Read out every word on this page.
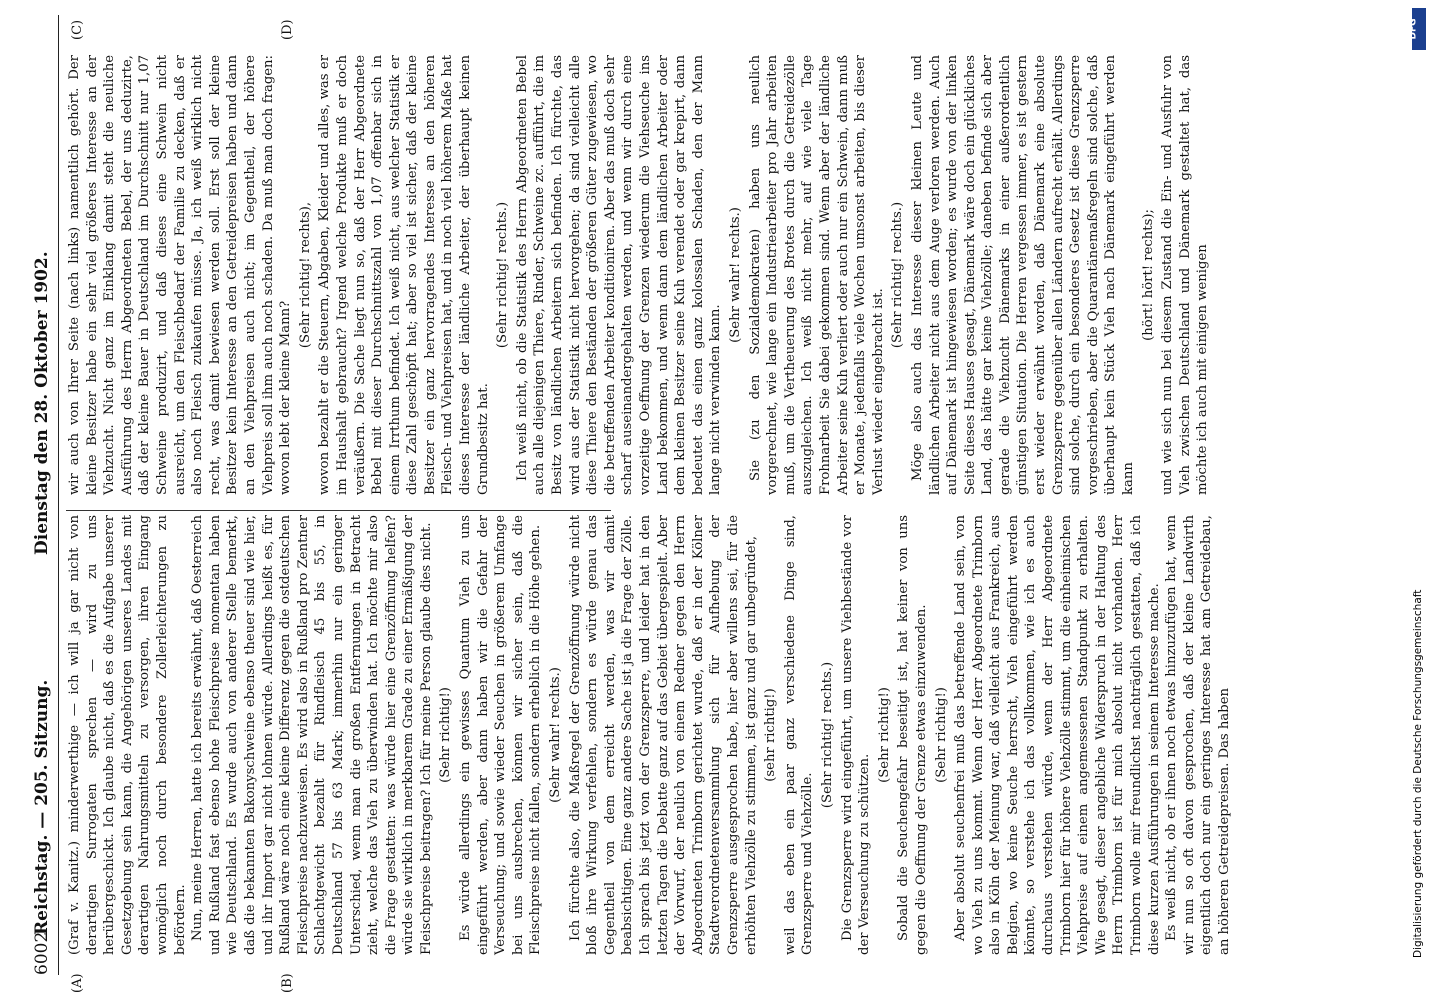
6002
Reichstag. — 205. Sitzung.
Dienstag den 28. Oktober 1902.
(A)	(B)
(C)	(D)

(Graf v. Kanitz.) minderwerthige — ich will ja gar nicht von derartigen Surrogaten sprechen — wird zu uns herübergeschickt. Ich glaube nicht, daß es die Aufgabe unserer Gesetzgebung sein kann, die Angehörigen unseres Landes mit derartigen Nahrungsmitteln zu versorgen, ihren Eingang womöglich noch durch besondere Zollerleichterungen zu befördern. Nun, meine Herren, hatte ich bereits erwähnt, daß Oesterreich und Rußland fast ebenso hohe Fleischpreise momentan haben wie Deutschland. Es wurde auch von anderer Stelle bemerkt, daß die bekannten Bakonyschweine ebenso theuer sind wie hier, und ihr Import gar nicht lohnen würde. Allerdings heißt es, für Rußland wäre noch eine kleine Differenz gegen die ostdeutschen Fleischpreise nachzuweisen. Es wird also in Rußland pro Zentner Schlachtgewicht bezahlt für Rindfleisch 45 bis 55, in Deutschland 57 bis 63 Mark; immerhin nur ein geringer Unterschied, wenn man die großen Entfernungen in Betracht zieht, welche das Vieh zu überwinden hat. Ich möchte mir also die Frage gestatten: was würde hier eine Grenzöffnung helfen? würde sie wirklich in merkbarem Grade zu einer Ermäßigung der Fleischpreise beitragen? Ich für meine Person glaube dies nicht. (Sehr richtig!) Es würde allerdings ein gewisses Quantum Vieh zu uns eingeführt werden, aber dann haben wir die Gefahr der Verseuchung; und sowie wieder Seuchen in größerem Umfange bei uns ausbrechen, können wir sicher sein, daß die Fleischpreise nicht fallen, sondern erheblich in die Höhe gehen. (Sehr wahr! rechts.) Ich fürchte also, die Maßregel der Grenzöffnung würde nicht bloß ihre Wirkung verfehlen, sondern es würde genau das Gegentheil von dem erreicht werden, was wir damit beabsichtigen. Eine ganz andere Sache ist ja die Frage der Zölle. Ich sprach bis jetzt von der Grenzsperre, und leider hat in den letzten Tagen die Debatte ganz auf das Gebiet übergespielt. Aber der Vorwurf, der neulich von einem Redner gegen den Herrn Abgeordneten Trimborn gerichtet wurde, daß er in der Kölner Stadtverordnetenversammlung sich für Aufhebung der Grenzsperre ausgesprochen habe, hier aber willens sei, für die erhöhten Viehzölle zu stimmen, ist ganz und gar unbegründet, (sehr richtig!) weil das eben ein paar ganz verschiedene Dinge sind, Grenzsperre und Viehzölle.

(Sehr richtig! rechts.) Die Grenzsperre wird eingeführt, um unsere Viehbestände vor der Verseuchung zu schützen.

(Sehr richtig!) Sobald die Seuchengefahr beseitigt ist, hat keiner von uns gegen die Oeffnung der Grenze etwas einzuwenden. (Sehr richtig!) Aber absolut seuchenfrei muß das betreffende Land sein, von wo Vieh zu uns kommt. Wenn der Herr Abgeordnete Trimborn also in Köln der Meinung war, daß vielleicht aus Frankreich, aus Belgien, wo keine Seuche herrscht, Vieh eingeführt werden könnte, so verstehe ich das vollkommen, wie ich es auch durchaus verstehen würde, wenn der Herr Abgeordnete Trimborn hier für höhere Viehzölle stimmt, um die einheimischen Viehpreise auf einem angemessenen Standpunkt zu erhalten. Wie gesagt, dieser angebliche Widerspruch in der Haltung des Herrn Trimborn ist für mich absolut nicht vorhanden. Herr Trimborn wolle mir freundlichst nachträglich gestatten, daß ich diese kurzen Ausführungen in seinem Interesse mache. Es weiß nicht, ob er ihnen noch etwas hinzuzufügen hat, wenn wir nun so oft davon gesprochen, daß der kleine Landwirth eigentlich doch nur ein geringes Interesse hat am Getreidebau, an höheren Getreidepreisen. Das haben

wir auch von Ihrer Seite (nach links) namentlich gehört. Der kleine Besitzer habe ein sehr viel größeres Interesse an der Viehzucht. Nicht ganz im Einklang damit steht die neuliche Ausführung des Herrn Abgeordneten Bebel, der uns deduzirte, daß der kleine Bauer in Deutschland im Durchschnitt nur 1,07 Schweine produzirt, und daß dieses eine Schwein nicht ausreicht, um den Fleischbedarf der Familie zu decken, daß er also noch Fleisch zukaufen müsse. Ja, ich weiß wirklich nicht recht, was damit bewiesen werden soll. Erst soll der kleine Besitzer kein Interesse an den Getreidepreisen haben und dann an den Viehpreisen auch nicht; im Gegentheil, der höhere Viehpreis soll ihm auch noch schaden. Da muß man doch fragen: wovon lebt der kleine Mann?

(Sehr richtig! rechts), wovon bezahlt er die Steuern, Abgaben, Kleider und alles, was er im Haushalt gebraucht? Irgend welche Produkte muß er doch veräußern. Die Sache liegt nun so, daß der Herr Abgeordnete Bebel mit dieser Durchschnittszahl von 1,07 offenbar sich in einem Irrthum befindet. Ich weiß nicht, aus welcher Statistik er diese Zahl geschöpft hat; aber so viel ist sicher, daß der kleine Besitzer ein ganz hervorragendes Interesse an den höheren Fleisch- und Viehpreisen hat, und in noch viel höherem Maße hat dieses Interesse der ländliche Arbeiter, der überhaupt keinen Grundbesitz hat.

(Sehr richtig! rechts.) Ich weiß nicht, ob die Statistik des Herrn Abgeordneten Bebel auch alle diejenigen Thiere, Rinder, Schweine zc. aufführt, die im Besitz von ländlichen Arbeitern sich befinden. Ich fürchte, das wird aus der Statistik nicht hervorgehen; da sind vielleicht alle diese Thiere den Beständen der größeren Güter zugewiesen, wo die betreffenden Arbeiter konditioniren. Aber das muß doch sehr scharf auseinandergehalten werden, und wenn wir durch eine vorzeitige Oeffnung der Grenzen wiederum die Viehseuche ins Land bekommen, und wenn dann dem ländlichen Arbeiter oder dem kleinen Besitzer seine Kuh verendet oder gar krepirt, dann bedeutet das einen ganz kolossalen Schaden, den der Mann lange nicht verwinden kann.

(Sehr wahr! rechts.) Sie (zu den Sozialdemokraten) haben uns neulich vorgerechnet, wie lange ein Industriearbeiter pro Jahr arbeiten muß, um die Vertheuerung des Brotes durch die Getreidezölle auszugleichen. Ich weiß nicht mehr, auf wie viele Tage Frohnarbeit Sie dabei gekommen sind. Wenn aber der ländliche Arbeiter seine Kuh verliert oder auch nur ein Schwein, dann muß er Monate, jedenfalls viele Wochen umsonst arbeiten, bis dieser Verlust wieder eingebracht ist.

(Sehr richtig! rechts.) Möge also auch das Interesse dieser kleinen Leute und ländlichen Arbeiter nicht aus dem Auge verloren werden. Auch auf Dänemark ist hingewiesen worden; es wurde von der linken Seite dieses Hauses gesagt, Dänemark wäre doch ein glückliches Land, das hätte gar keine Viehzölle; daneben befinde sich aber gerade die Viehzucht Dänemarks in einer außerordentlich günstigen Situation. Die Herren vergessen immer, es ist gestern erst wieder erwähnt worden, daß Dänemark eine absolute Grenzsperre gegenüber allen Ländern aufrecht erhält. Allerdings sind solche, durch ein besonderes Gesetz ist diese Grenzsperre vorgeschrieben, aber die Quarantänemaßregeln sind solche, daß überhaupt kein Stück Vieh nach Dänemark eingeführt werden kann

(hört! hört! rechts); und wie sich nun bei diesem Zustand die Ein- und Ausfuhr von Vieh zwischen Deutschland und Dänemark gestaltet hat, das möchte ich auch mit einigen wenigen

DFG
Digitalisierung gefördert durch die Deutsche Forschungsgemeinschaft
